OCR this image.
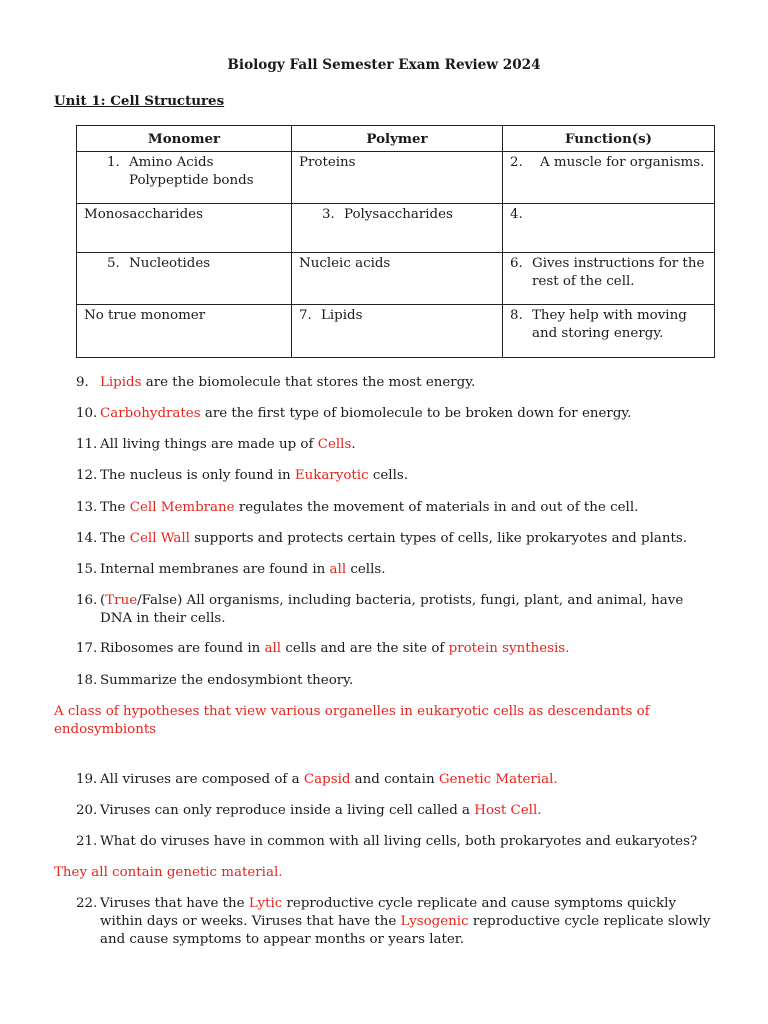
Biology Fall Semester Exam Review 2024
Unit 1: Cell Structures
Monomer	Polymer	Function(s)

1. Amino Acids
Polypeptide bonds	Proteins	2. A muscle for organisms.

Monosaccharides	3. Polysaccharides	4.

5. Nucleotides	Nucleic acids	6. Gives instructions for the rest of the cell.

No true monomer	7. Lipids	8. They help with moving and storing energy.
9. Lipids are the biomolecule that stores the most energy.
10. Carbohydrates are the first type of biomolecule to be broken down for energy.
11. All living things are made up of Cells.
12. The nucleus is only found in Eukaryotic cells.
13. The Cell Membrane regulates the movement of materials in and out of the cell.
14. The Cell Wall supports and protects certain types of cells, like prokaryotes and plants.
15. Internal membranes are found in all cells.
16. (True/False) All organisms, including bacteria, protists, fungi, plant, and animal, have DNA in their cells.
17. Ribosomes are found in all cells and are the site of protein synthesis.
18. Summarize the endosymbiont theory.
A class of hypotheses that view various organelles in eukaryotic cells as descendants of endosymbionts
19. All viruses are composed of a Capsid and contain Genetic Material.
20. Viruses can only reproduce inside a living cell called a Host Cell.
21. What do viruses have in common with all living cells, both prokaryotes and eukaryotes?
They all contain genetic material.
22. Viruses that have the Lytic reproductive cycle replicate and cause symptoms quickly within days or weeks. Viruses that have the Lysogenic reproductive cycle replicate slowly and cause symptoms to appear months or years later.
